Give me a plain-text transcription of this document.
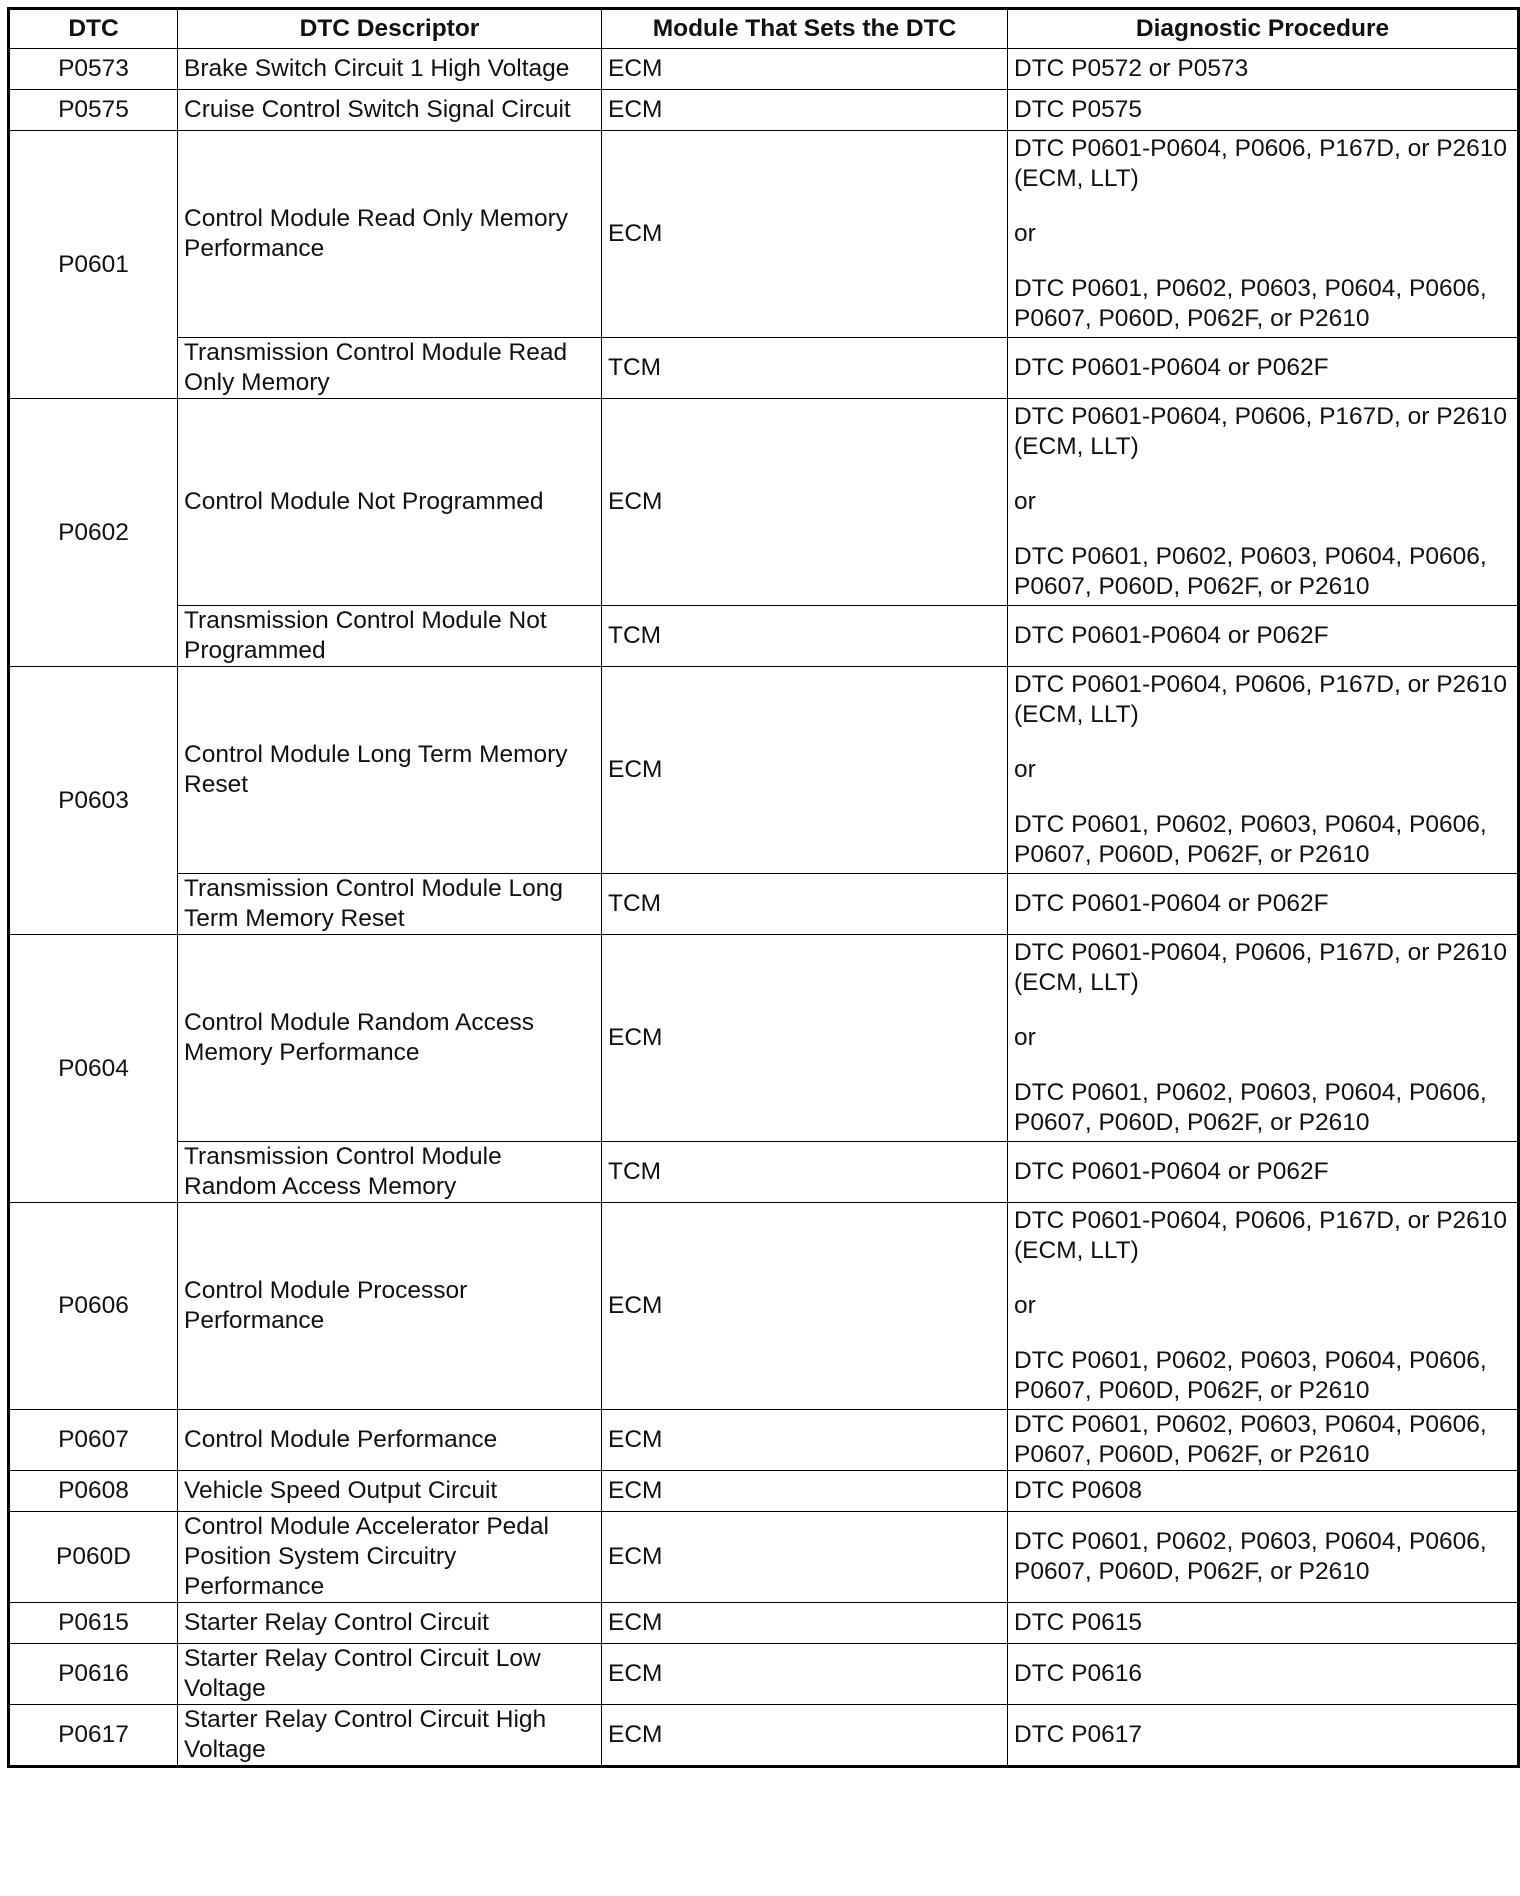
DTC	DTC Descriptor	Module That Sets the DTC	Diagnostic Procedure
P0573	Brake Switch Circuit 1 High Voltage	ECM	DTC P0572 or P0573
P0575	Cruise Control Switch Signal Circuit	ECM	DTC P0575
P0601	Control Module Read Only Memory Performance	ECM	DTC P0601-P0604, P0606, P167D, or P2610 (ECM, LLT)

or

DTC P0601, P0602, P0603, P0604, P0606, P0607, P060D, P062F, or P2610

	Transmission Control Module Read Only Memory	TCM	DTC P0601-P0604 or P062F
P0602	Control Module Not Programmed	ECM	DTC P0601-P0604, P0606, P167D, or P2610 (ECM, LLT)

or

DTC P0601, P0602, P0603, P0604, P0606, P0607, P060D, P062F, or P2610

	Transmission Control Module Not Programmed	TCM	DTC P0601-P0604 or P062F
P0603	Control Module Long Term Memory Reset	ECM	DTC P0601-P0604, P0606, P167D, or P2610 (ECM, LLT)

or

DTC P0601, P0602, P0603, P0604, P0606, P0607, P060D, P062F, or P2610

	Transmission Control Module Long Term Memory Reset	TCM	DTC P0601-P0604 or P062F
P0604	Control Module Random Access Memory Performance	ECM	DTC P0601-P0604, P0606, P167D, or P2610 (ECM, LLT)

or

DTC P0601, P0602, P0603, P0604, P0606, P0607, P060D, P062F, or P2610

	Transmission Control Module Random Access Memory	TCM	DTC P0601-P0604 or P062F
P0606	Control Module Processor Performance	ECM	DTC P0601-P0604, P0606, P167D, or P2610 (ECM, LLT)

or

DTC P0601, P0602, P0603, P0604, P0606, P0607, P060D, P062F, or P2610

P0607	Control Module Performance	ECM	DTC P0601, P0602, P0603, P0604, P0606, P0607, P060D, P062F, or P2610
P0608	Vehicle Speed Output Circuit	ECM	DTC P0608
P060D	Control Module Accelerator Pedal Position System Circuitry Performance	ECM	DTC P0601, P0602, P0603, P0604, P0606, P0607, P060D, P062F, or P2610
P0615	Starter Relay Control Circuit	ECM	DTC P0615
P0616	Starter Relay Control Circuit Low Voltage	ECM	DTC P0616
P0617	Starter Relay Control Circuit High Voltage	ECM	DTC P0617
